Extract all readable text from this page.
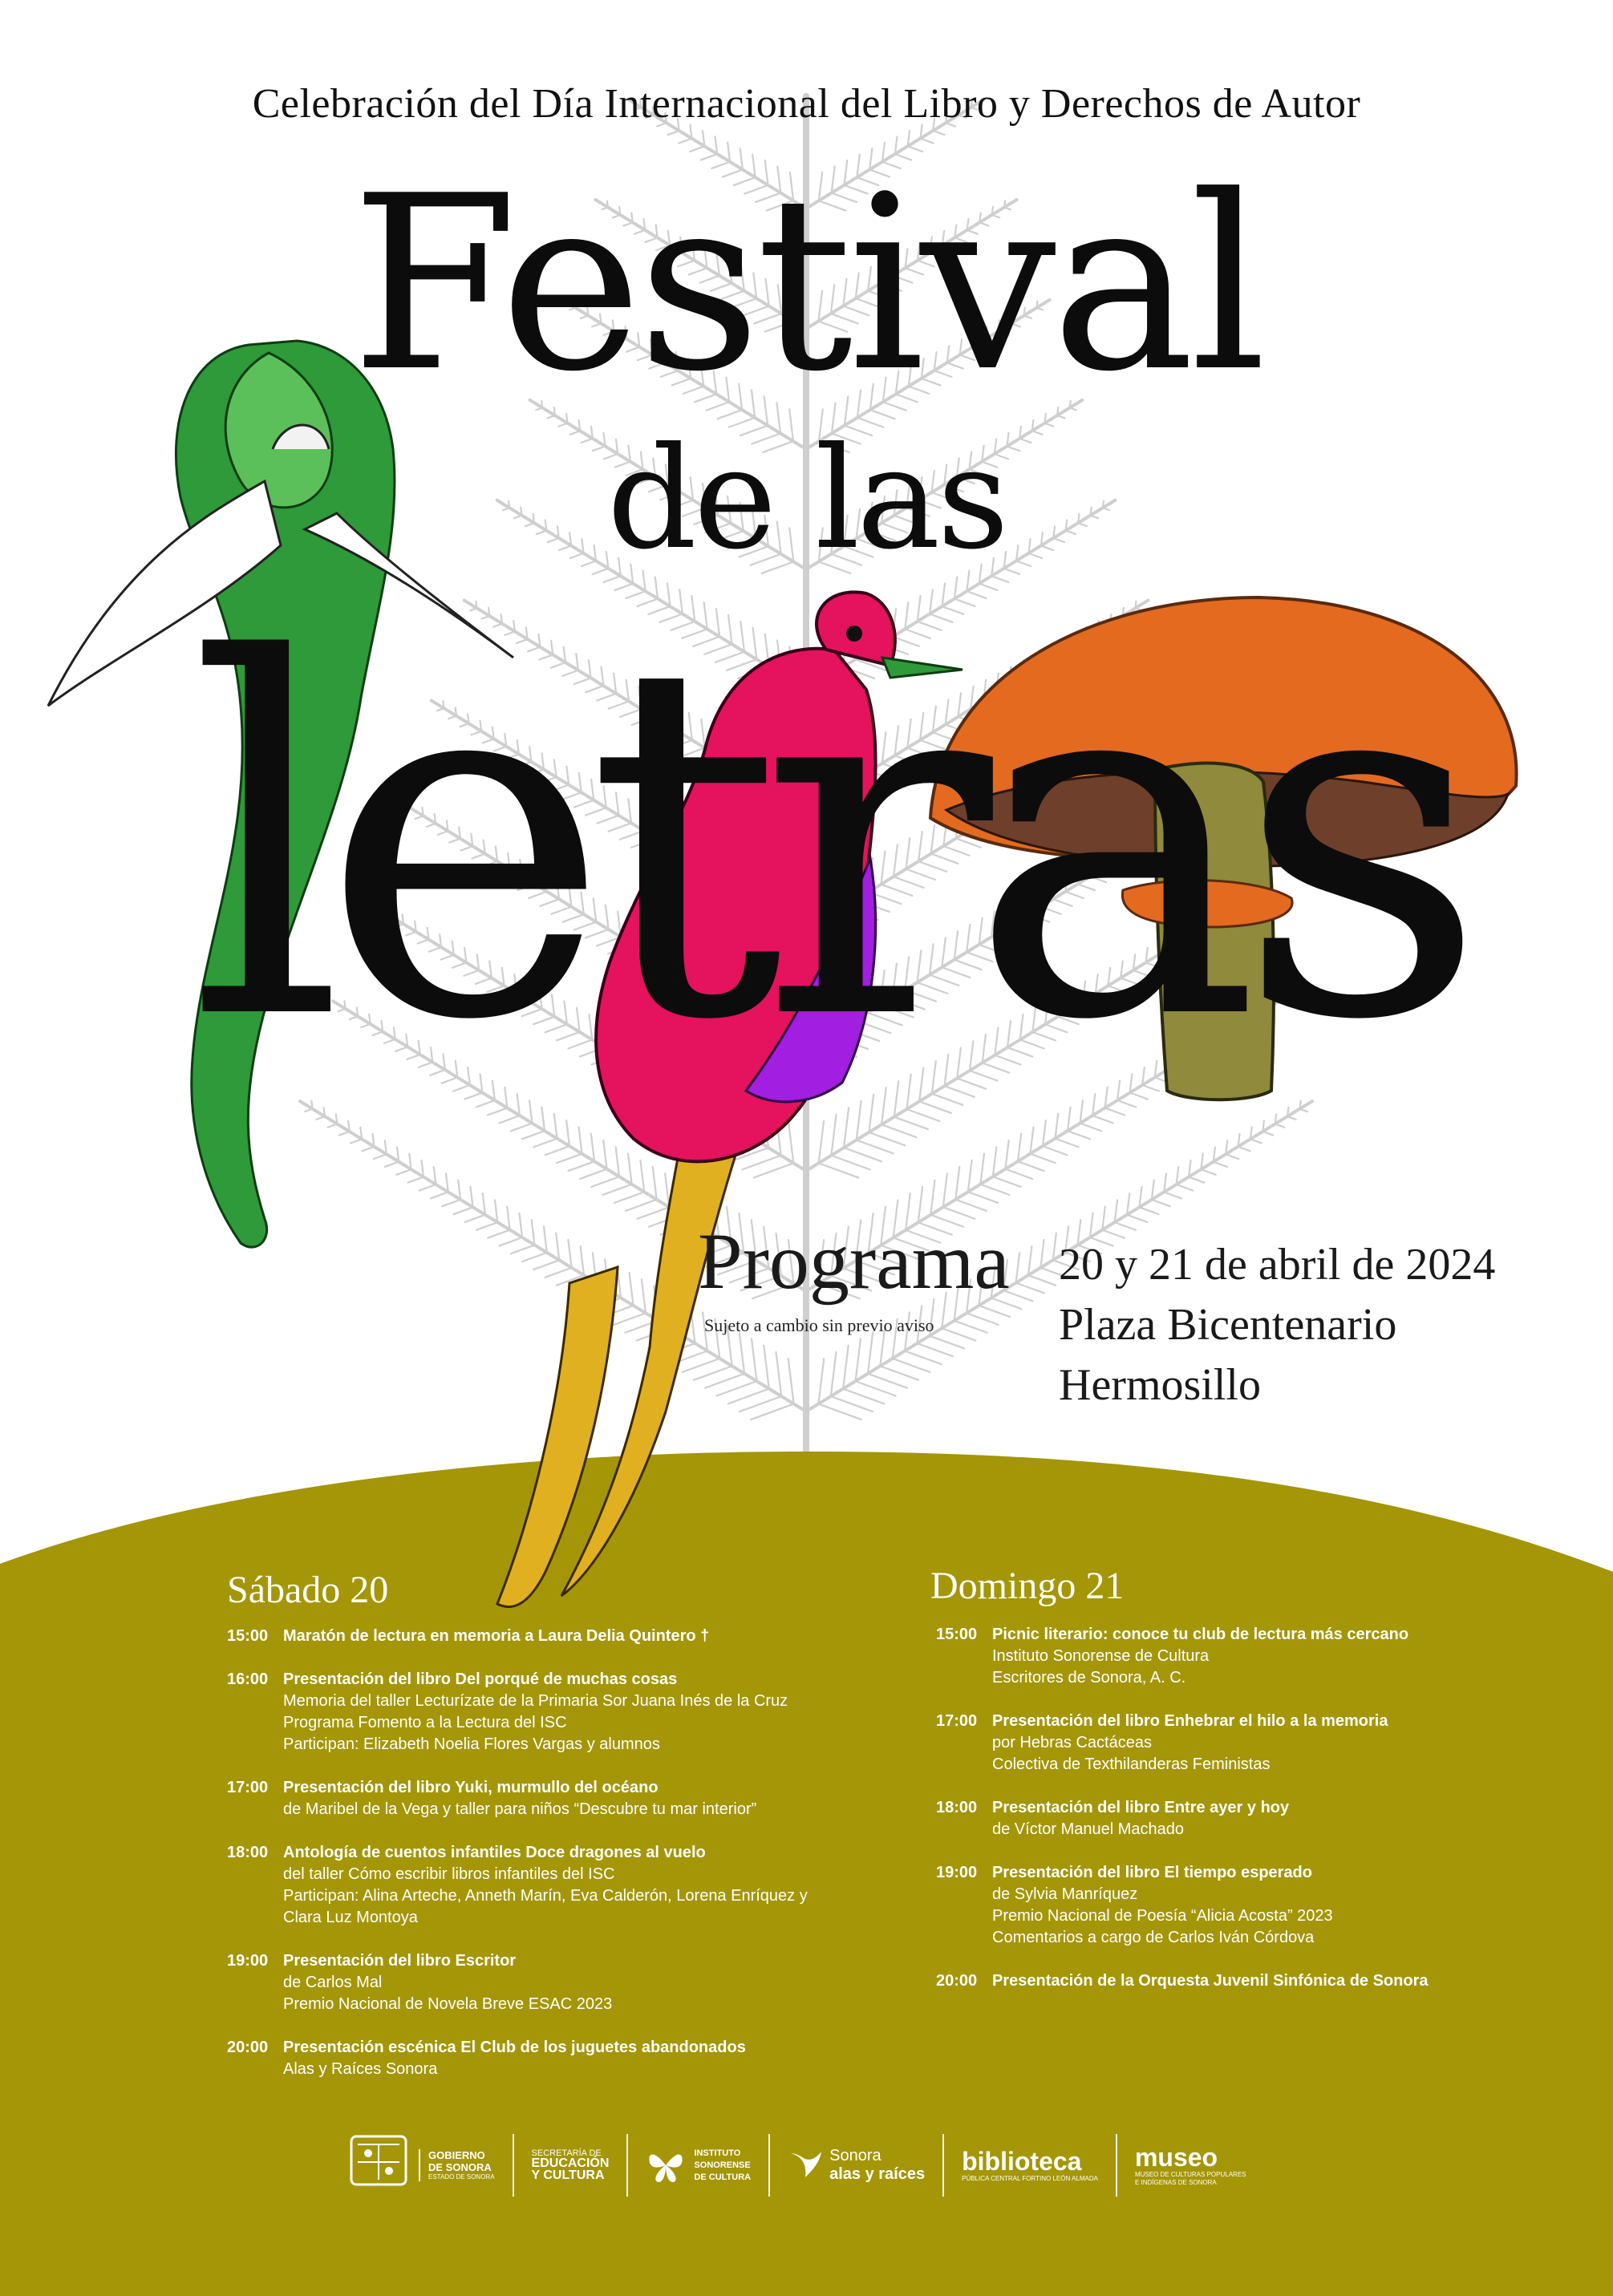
Celebración del Día Internacional del Libro y Derechos de Autor
Festival
de las
letras
Programa
Sujeto a cambio sin previo aviso
20 y 21 de abril de 2024
Plaza Bicentenario
Hermosillo
Sábado 20
15:00 Maratón de lectura en memoria a Laura Delia Quintero †
16:00 Presentación del libro Del porqué de muchas cosas
Memoria del taller Lecturízate de la Primaria Sor Juana Inés de la Cruz
Programa Fomento a la Lectura del ISC
Participan: Elizabeth Noelia Flores Vargas y alumnos
17:00 Presentación del libro Yuki, murmullo del océano
de Maribel de la Vega y taller para niños “Descubre tu mar interior”
18:00 Antología de cuentos infantiles Doce dragones al vuelo
del taller Cómo escribir libros infantiles del ISC
Participan: Alina Arteche, Anneth Marín, Eva Calderón, Lorena Enríquez y
Clara Luz Montoya
19:00 Presentación del libro Escritor
de Carlos Mal
Premio Nacional de Novela Breve ESAC 2023
20:00 Presentación escénica El Club de los juguetes abandonados
Alas y Raíces Sonora
Domingo 21
15:00 Picnic literario: conoce tu club de lectura más cercano
Instituto Sonorense de Cultura
Escritores de Sonora, A. C.
17:00 Presentación del libro Enhebrar el hilo a la memoria
por Hebras Cactáceas
Colectiva de Texthilanderas Feministas
18:00 Presentación del libro Entre ayer y hoy
de Víctor Manuel Machado
19:00 Presentación del libro El tiempo esperado
de Sylvia Manríquez
Premio Nacional de Poesía “Alicia Acosta” 2023
Comentarios a cargo de Carlos Iván Córdova
20:00 Presentación de la Orquesta Juvenil Sinfónica de Sonora
GOBIERNO
DE SONORA
ESTADO DE SONORA
SECRETARÍA DE
EDUCACIÓN
Y CULTURA
INSTITUTO
SONORENSE
DE CULTURA
Sonora
alas y raíces biblioteca
PÚBLICA CENTRAL FORTINO LEÓN ALMADA
museo
MUSEO DE CULTURAS POPULARES
E INDÍGENAS DE SONORA
